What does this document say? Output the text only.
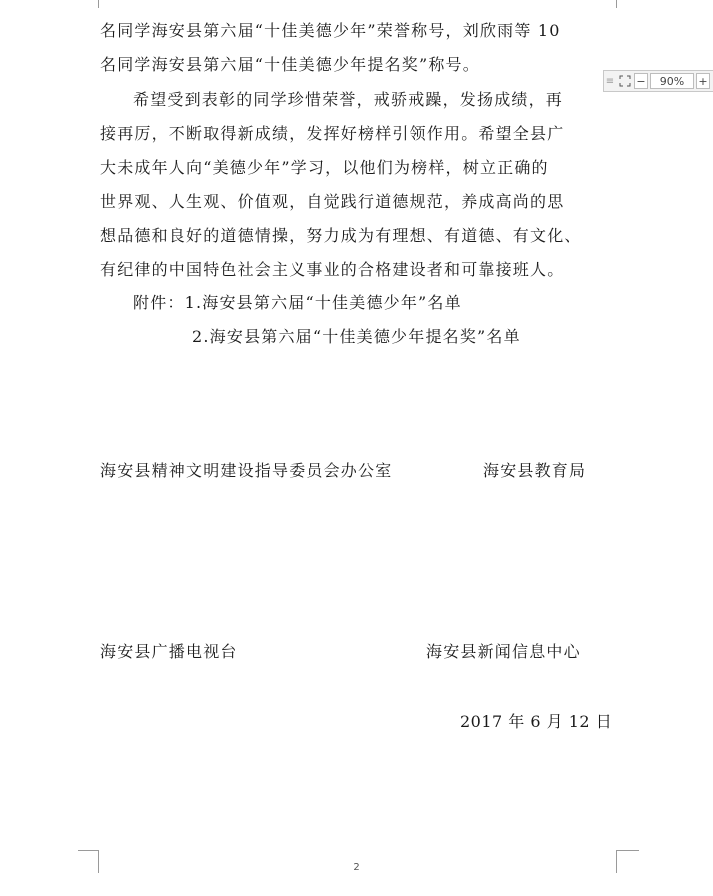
名同学海安县第六届“十佳美德少年”荣誉称号，刘欣雨等 10
名同学海安县第六届“十佳美德少年提名奖”称号。
希望受到表彰的同学珍惜荣誉，戒骄戒躁，发扬成绩，再
接再厉，不断取得新成绩，发挥好榜样引领作用。希望全县广
大未成年人向“美德少年”学习，以他们为榜样，树立正确的
世界观、人生观、价值观，自觉践行道德规范，养成高尚的思
想品德和良好的道德情操，努力成为有理想、有道德、有文化、
有纪律的中国特色社会主义事业的合格建设者和可靠接班人。
附件：1.海安县第六届“十佳美德少年”名单
2.海安县第六届“十佳美德少年提名奖”名单
海安县精神文明建设指导委员会办公室	海安县教育局
海安县广播电视台	海安县新闻信息中心
2017 年 6 月 12 日
2
≡ −	90%	+
